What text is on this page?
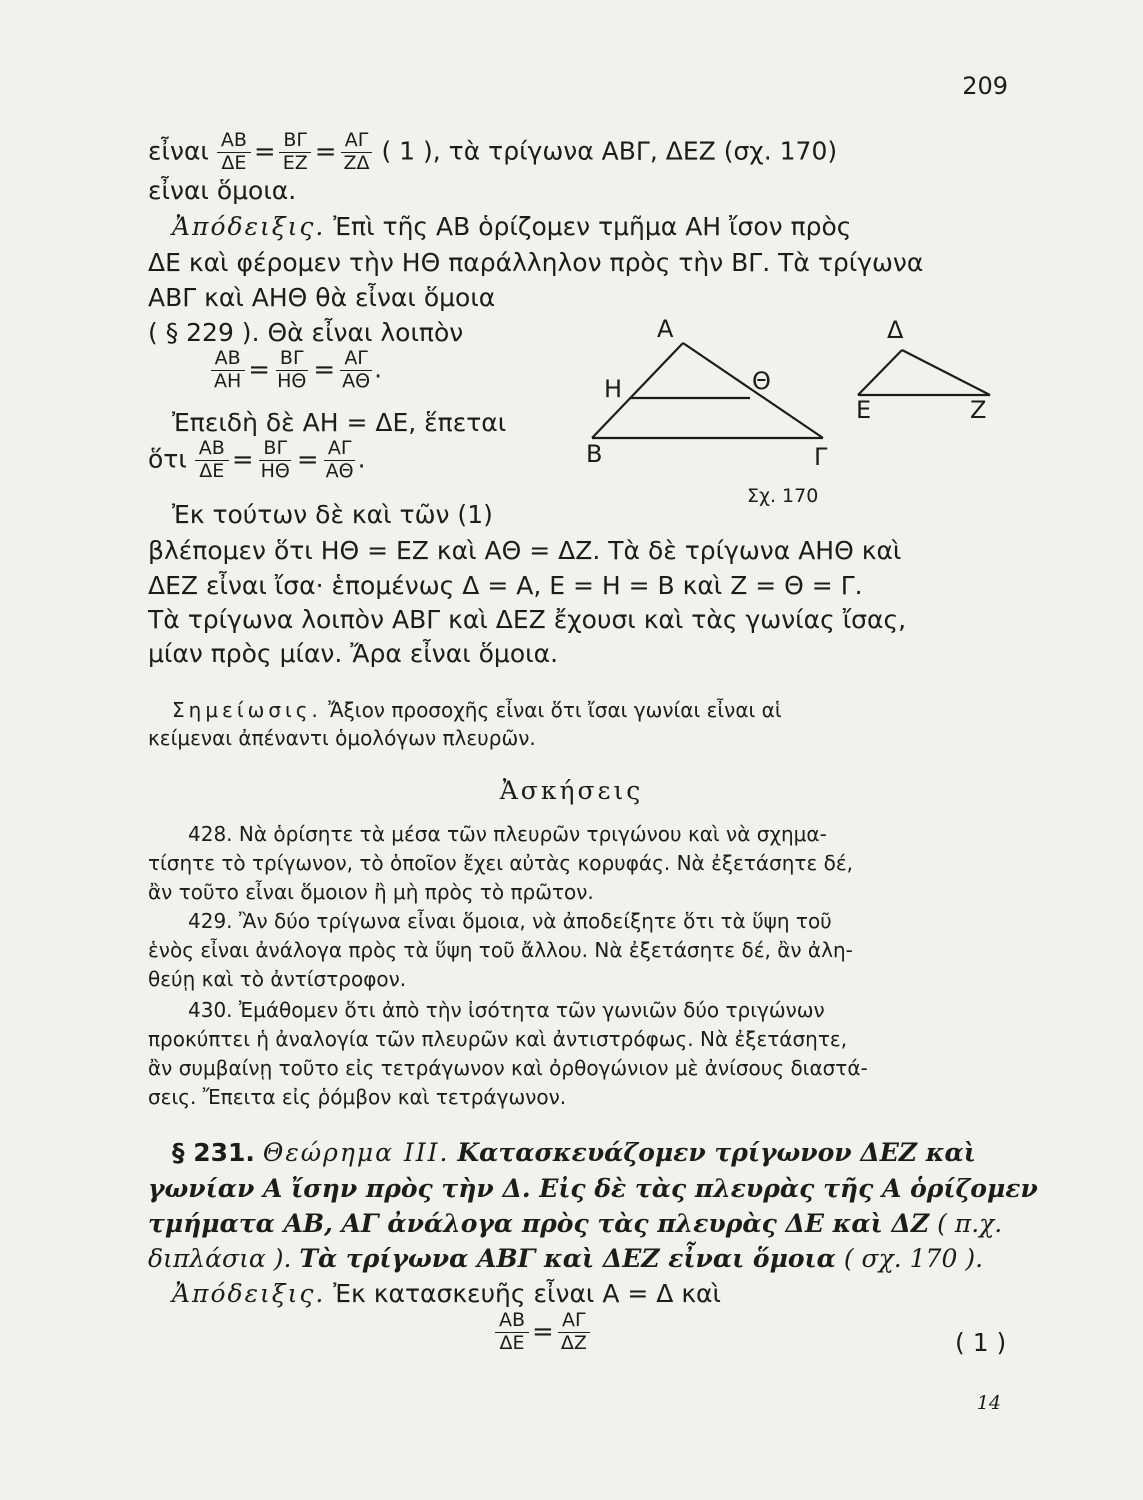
209
εἶναι $\frac{AB}{\Delta E} = \frac{B\Gamma}{EZ} = \frac{A\Gamma}{Z\Delta}$ ( 1 ), τὰ τρίγωνα ΑΒΓ, ΔΕΖ (σχ. 170)
εἶναι ὅμοια.
Ἀπόδειξις. Ἐπὶ τῆς ΑΒ ὁρίζομεν τμῆμα ΑΗ ἴσον πρὸς
ΔΕ καὶ φέρομεν τὴν ΗΘ παράλληλον πρὸς τὴν ΒΓ. Τὰ τρίγωνα
ΑΒΓ καὶ ΑΗΘ θὰ εἶναι ὅμοια
( § 229 ). Θὰ εἶναι λοιπὸν
$\frac{AB}{AH} = \frac{B\Gamma}{H\Theta} = \frac{A\Gamma}{A\Theta}$ .
Ἐπειδὴ δὲ ΑΗ = ΔΕ, ἕπεται
ὅτι $\frac{AB}{\Delta E} = \frac{B\Gamma}{H\Theta} = \frac{A\Gamma}{A\Theta}$ .
Ἐκ τούτων δὲ καὶ τῶν (1)
βλέπομεν ὅτι ΗΘ = ΕΖ καὶ ΑΘ = ΔΖ. Τὰ δὲ τρίγωνα ΑΗΘ καὶ
ΔΕΖ εἶναι ἴσα· ἑπομένως Δ = Α, Ε = Η = Β καὶ Ζ = Θ = Γ.
Τὰ τρίγωνα λοιπὸν ΑΒΓ καὶ ΔΕΖ ἔχουσι καὶ τὰς γωνίας ἴσας,
μίαν πρὸς μίαν. Ἄρα εἶναι ὅμοια.
Α
Η	Θ
Β	Γ
Δ
Ε	Ζ
Σχ. 170
Σημείωσις. Ἄξιον προσοχῆς εἶναι ὅτι ἴσαι γωνίαι εἶναι αἱ
κείμεναι ἀπέναντι ὁμολόγων πλευρῶν.
Ἀσκήσεις
428. Νὰ ὁρίσητε τὰ μέσα τῶν πλευρῶν τριγώνου καὶ νὰ σχημα-
τίσητε τὸ τρίγωνον, τὸ ὁποῖον ἔχει αὐτὰς κορυφάς. Νὰ ἐξετάσητε δέ,
ἂν τοῦτο εἶναι ὅμοιον ἢ μὴ πρὸς τὸ πρῶτον.
429. Ἂν δύο τρίγωνα εἶναι ὅμοια, νὰ ἀποδείξητε ὅτι τὰ ὕψη τοῦ
ἑνὸς εἶναι ἀνάλογα πρὸς τὰ ὕψη τοῦ ἄλλου. Νὰ ἐξετάσητε δέ, ἂν ἀλη-
θεύῃ καὶ τὸ ἀντίστροφον.
430. Ἐμάθομεν ὅτι ἀπὸ τὴν ἰσότητα τῶν γωνιῶν δύο τριγώνων
προκύπτει ἡ ἀναλογία τῶν πλευρῶν καὶ ἀντιστρόφως. Νὰ ἐξετάσητε,
ἂν συμβαίνῃ τοῦτο εἰς τετράγωνον καὶ ὀρθογώνιον μὲ ἀνίσους διαστά-
σεις. Ἔπειτα εἰς ῥόμβον καὶ τετράγωνον.
§ 231. Θεώρημα III. Κατασκευάζομεν τρίγωνον ΔΕΖ καὶ
γωνίαν Α ἴσην πρὸς τὴν Δ. Εἰς δὲ τὰς πλευρὰς τῆς Α ὁρίζομεν
τμήματα ΑΒ, ΑΓ ἀνάλογα πρὸς τὰς πλευρὰς ΔΕ καὶ ΔΖ ( π.χ.
διπλάσια ). Τὰ τρίγωνα ΑΒΓ καὶ ΔΕΖ εἶναι ὅμοια ( σχ. 170 ).
Ἀπόδειξις. Ἐκ κατασκευῆς εἶναι Α = Δ καὶ
$\frac{AB}{\Delta E} = \frac{A\Gamma}{\Delta Z}$	( 1 )
14
